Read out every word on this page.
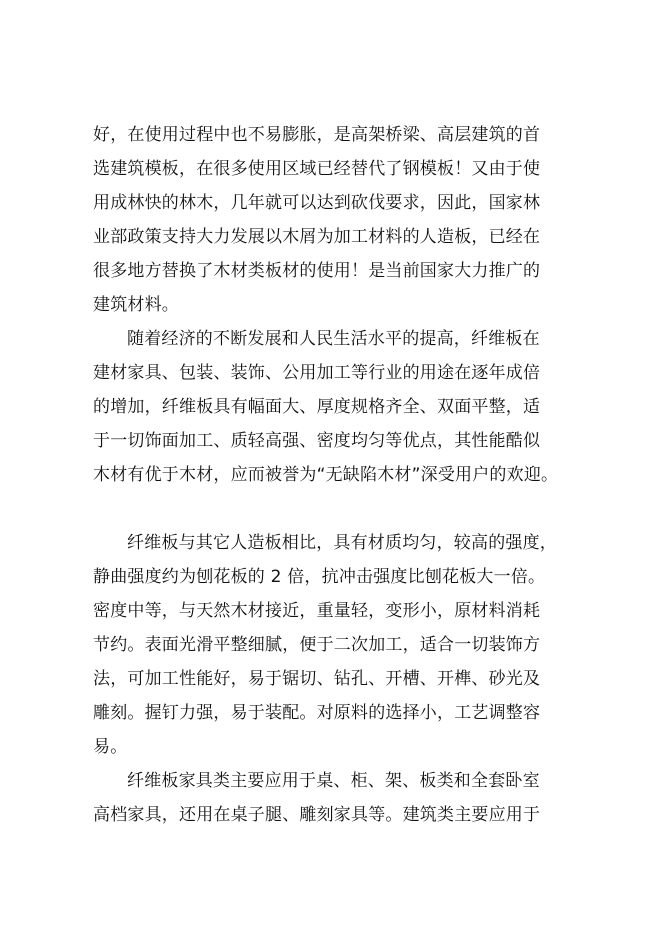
好，在使用过程中也不易膨胀，是高架桥梁、高层建筑的首
选建筑模板，在很多使用区域已经替代了钢模板！又由于使
用成林快的林木，几年就可以达到砍伐要求，因此，国家林
业部政策支持大力发展以木屑为加工材料的人造板，已经在
很多地方替换了木材类板材的使用！是当前国家大力推广的
建筑材料。
随着经济的不断发展和人民生活水平的提高，纤维板在
建材家具、包装、装饰、公用加工等行业的用途在逐年成倍
的增加，纤维板具有幅面大、厚度规格齐全、双面平整，适
于一切饰面加工、质轻高强、密度均匀等优点，其性能酷似
木材有优于木材，应而被誉为“无缺陷木材”深受用户的欢迎。
纤维板与其它人造板相比，具有材质均匀，较高的强度，
静曲强度约为刨花板的 2 倍，抗冲击强度比刨花板大一倍。
密度中等，与天然木材接近，重量轻，变形小，原材料消耗
节约。表面光滑平整细腻，便于二次加工，适合一切装饰方
法，可加工性能好，易于锯切、钻孔、开槽、开榫、砂光及
雕刻。握钉力强，易于装配。对原料的选择小，工艺调整容
易。
纤维板家具类主要应用于桌、柜、架、板类和全套卧室
高档家具，还用在桌子腿、雕刻家具等。建筑类主要应用于
